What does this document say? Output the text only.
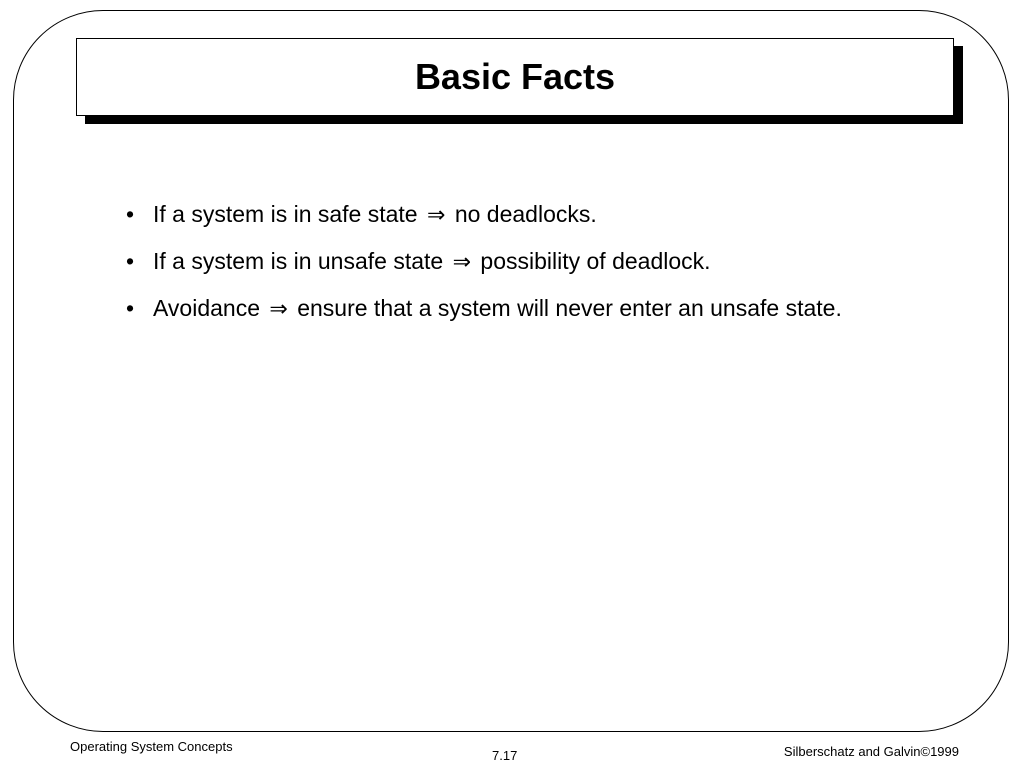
Basic Facts
• If a system is in safe state ⇒ no deadlocks.
• If a system is in unsafe state ⇒ possibility of deadlock.
• Avoidance ⇒ ensure that a system will never enter an unsafe state.
Operating System Concepts
7.17	Silberschatz and Galvin©1999
